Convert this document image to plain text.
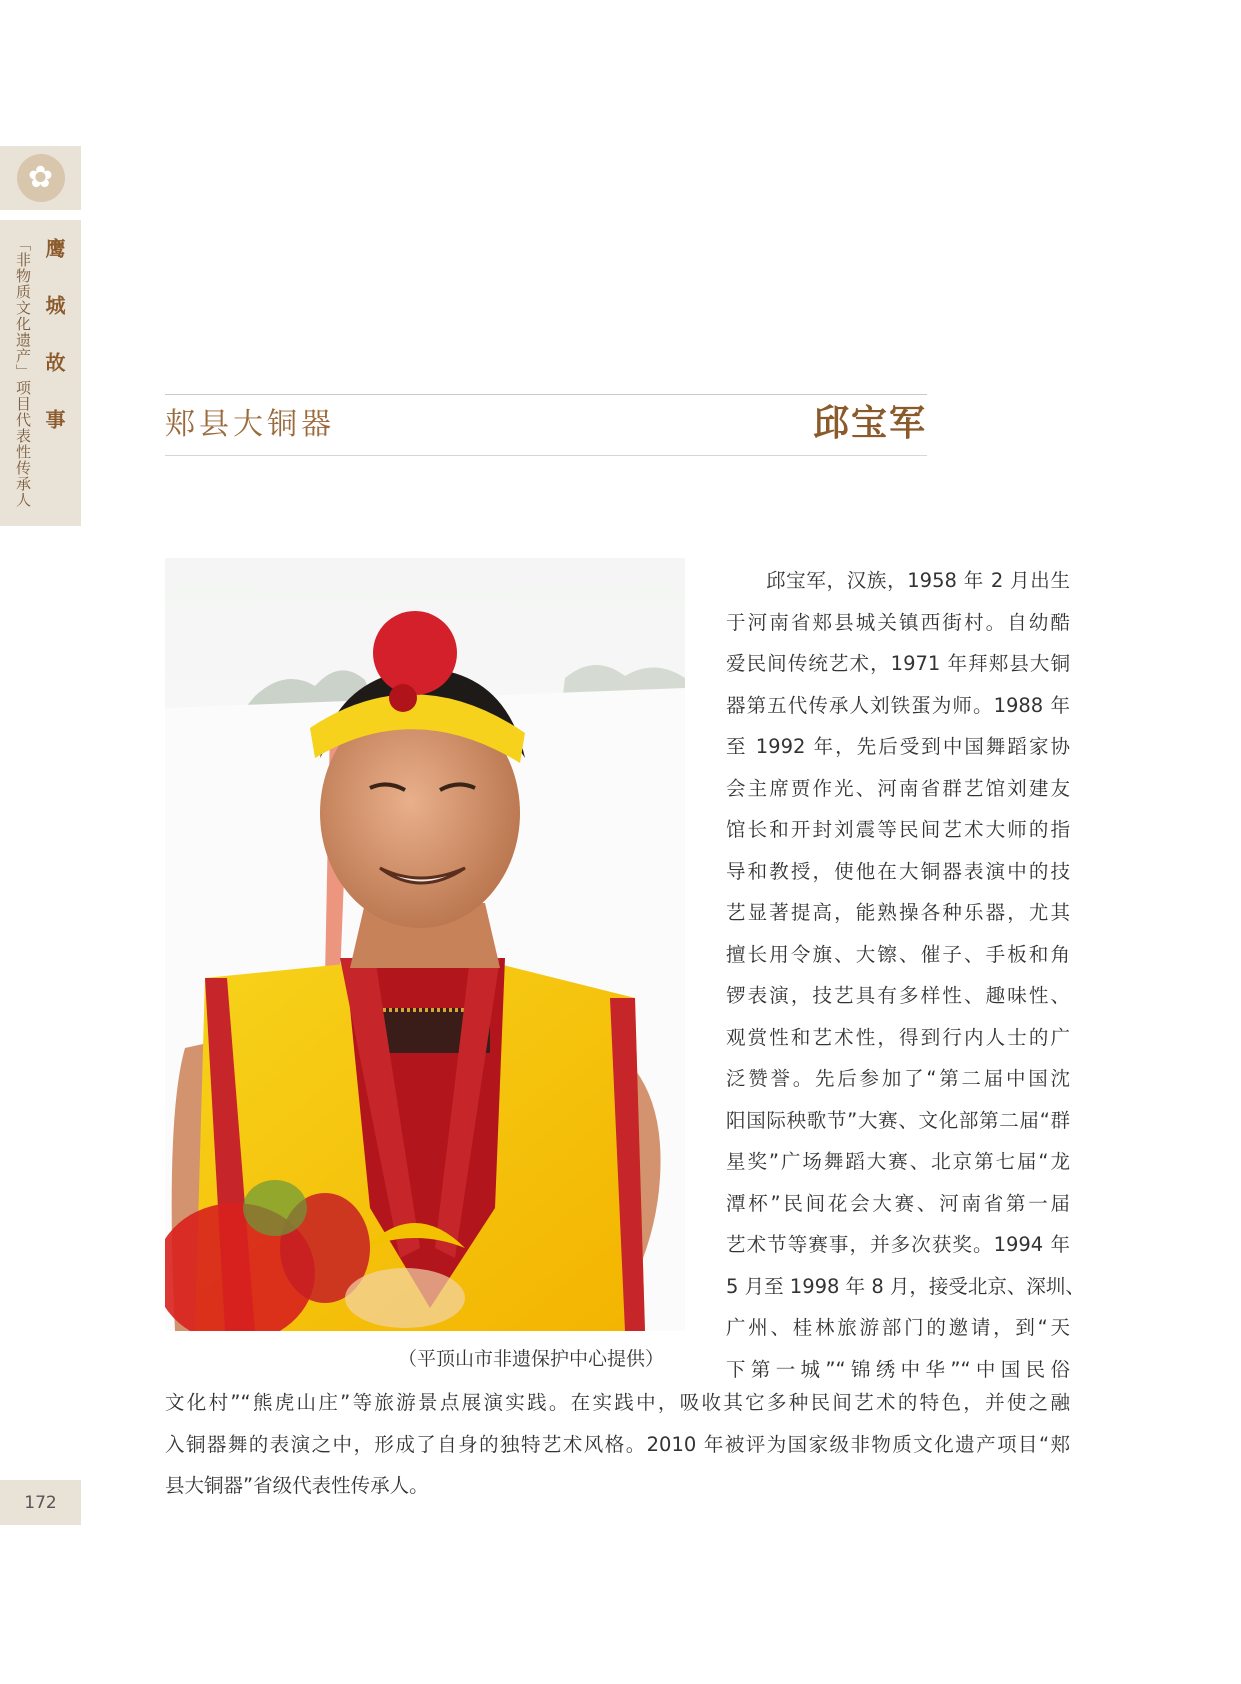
✿
「非物质文化遗产」项目代表性传承人 鹰城故事	郏县大铜器	邱宝军
（平顶山市非遗保护中心提供）
邱宝军，汉族，1958 年 2 月出生
于河南省郏县城关镇西街村。自幼酷
爱民间传统艺术，1971 年拜郏县大铜
器第五代传承人刘铁蛋为师。1988 年
至 1992 年，先后受到中国舞蹈家协
会主席贾作光、河南省群艺馆刘建友
馆长和开封刘震等民间艺术大师的指
导和教授，使他在大铜器表演中的技
艺显著提高，能熟操各种乐器，尤其
擅长用令旗、大镲、催子、手板和角
锣表演，技艺具有多样性、趣味性、
观赏性和艺术性，得到行内人士的广
泛赞誉。先后参加了“第二届中国沈
阳国际秧歌节”大赛、文化部第二届“群
星奖”广场舞蹈大赛、北京第七届“龙
潭杯”民间花会大赛、河南省第一届
艺术节等赛事，并多次获奖。1994 年
5 月至 1998 年 8 月，接受北京、深圳、
广州、桂林旅游部门的邀请，到“天
下第一城”“锦绣中华”“中国民俗
文化村”“熊虎山庄”等旅游景点展演实践。在实践中，吸收其它多种民间艺术的特色，并使之融
入铜器舞的表演之中，形成了自身的独特艺术风格。2010 年被评为国家级非物质文化遗产项目“郏
县大铜器”省级代表性传承人。
172
